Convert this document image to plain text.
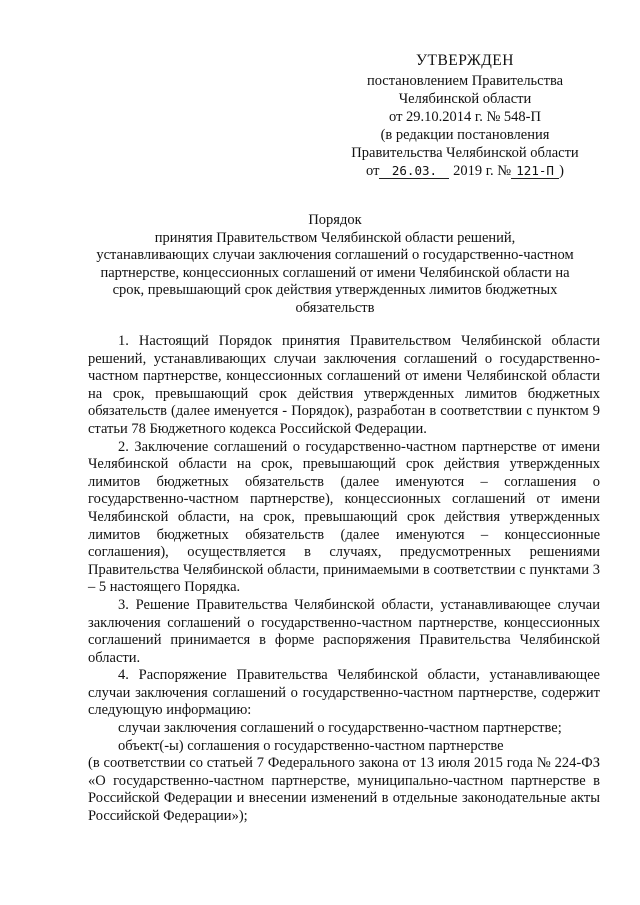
УТВЕРЖДЕН
постановлением Правительства
Челябинской области
от 29.10.2014 г. № 548-П
(в редакции постановления
Правительства Челябинской области
от 26.03. 2019 г. № 121-П )
Порядок
принятия Правительством Челябинской области решений,
устанавливающих случаи заключения соглашений о государственно-частном
партнерстве, концессионных соглашений от имени Челябинской области на
срок, превышающий срок действия утвержденных лимитов бюджетных
обязательств

1. Настоящий Порядок принятия Правительством Челябинской области решений, устанавливающих случаи заключения соглашений о государственно-частном партнерстве, концессионных соглашений от имени Челябинской области на срок, превышающий срок действия утвержденных лимитов бюджетных обязательств (далее именуется - Порядок), разработан в соответствии с пунктом 9 статьи 78 Бюджетного кодекса Российской Федерации.

2. Заключение соглашений о государственно-частном партнерстве от имени Челябинской области на срок, превышающий срок действия утвержденных лимитов бюджетных обязательств (далее именуются – соглашения о государственно-частном партнерстве), концессионных соглашений от имени Челябинской области, на срок, превышающий срок действия утвержденных лимитов бюджетных обязательств (далее именуются – концессионные соглашения), осуществляется в случаях, предусмотренных решениями Правительства Челябинской области, принимаемыми в соответствии с пунктами 3 – 5 настоящего Порядка.

3. Решение Правительства Челябинской области, устанавливающее случаи заключения соглашений о государственно-частном партнерстве, концессионных соглашений принимается в форме распоряжения Правительства Челябинской области.

4. Распоряжение Правительства Челябинской области, устанавливающее случаи заключения соглашений о государственно-частном партнерстве, содержит следующую информацию:

случаи заключения соглашений о государственно-частном партнерстве;

объект(-ы) соглашения о государственно-частном партнерстве

(в соответствии со статьей 7 Федерального закона от 13 июля 2015 года № 224-ФЗ «О государственно-частном партнерстве, муниципально-частном партнерстве в Российской Федерации и внесении изменений в отдельные законодательные акты Российской Федерации»);
